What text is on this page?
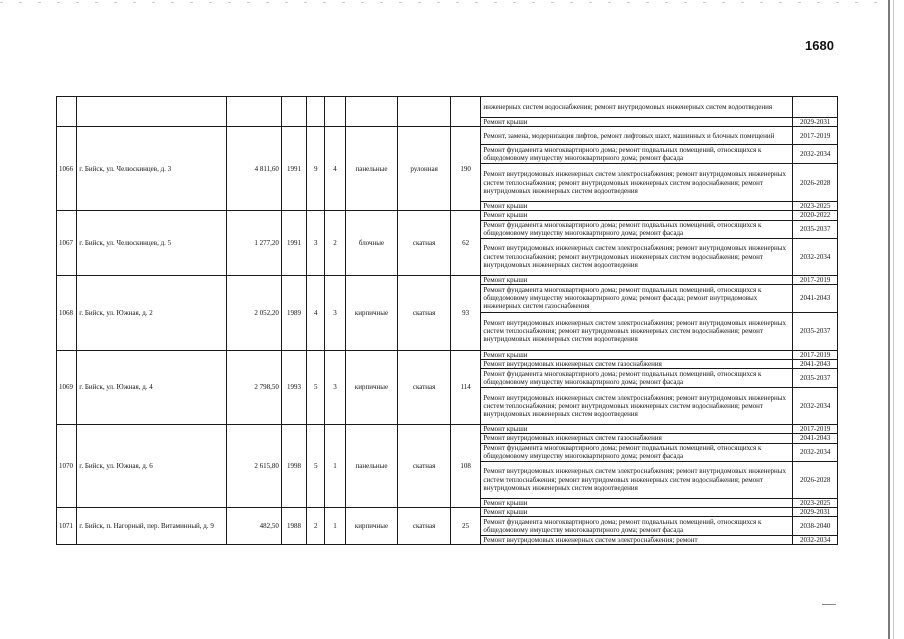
1680
									инженерных систем водоснабжения; ремонт внутридомовых инженерных систем водоотведения	
									Ремонт крыши	2029-2031
1066	г. Бийск, ул. Челюскинцев, д. 3	4 811,60	1991	9	4	панельные	рулонная	190	Ремонт, замена, модернизация лифтов, ремонт лифтовых шахт, машинных и блочных помещений	2017-2019
									Ремонт фундамента многоквартирного дома; ремонт подвальных помещений, относящихся к общедомовому имуществу многоквартирного дома; ремонт фасада	2032-2034
									Ремонт внутридомовых инженерных систем электроснабжения; ремонт внутридомовых инженерных систем теплоснабжения; ремонт внутридомовых инженерных систем водоснабжения; ремонт внутридомовых инженерных систем водоотведения	2026-2028
									Ремонт крыши	2023-2025
1067	г. Бийск, ул. Челюскинцев, д. 5	1 277,20	1991	3	2	блочные	скатная	62	Ремонт крыши	2020-2022
									Ремонт фундамента многоквартирного дома; ремонт подвальных помещений, относящихся к общедомовому имуществу многоквартирного дома; ремонт фасада	2035-2037
									Ремонт внутридомовых инженерных систем электроснабжения; ремонт внутридомовых инженерных систем теплоснабжения; ремонт внутридомовых инженерных систем водоснабжения; ремонт внутридомовых инженерных систем водоотведения	2032-2034
1068	г. Бийск, ул. Южная, д. 2	2 052,20	1989	4	3	кирпичные	скатная	93	Ремонт крыши	2017-2019
									Ремонт фундамента многоквартирного дома; ремонт подвальных помещений, относящихся к общедомовому имуществу многоквартирного дома; ремонт фасада; ремонт внутридомовых инженерных систем газоснабжения	2041-2043
									Ремонт внутридомовых инженерных систем электроснабжения; ремонт внутридомовых инженерных систем теплоснабжения; ремонт внутридомовых инженерных систем водоснабжения; ремонт внутридомовых инженерных систем водоотведения	2035-2037
1069	г. Бийск, ул. Южная, д. 4	2 798,50	1993	5	3	кирпичные	скатная	114	Ремонт крыши	2017-2019
									Ремонт внутридомовых инженерных систем газоснабжения	2041-2043
									Ремонт фундамента многоквартирного дома; ремонт подвальных помещений, относящихся к общедомовому имуществу многоквартирного дома; ремонт фасада	2035-2037
									Ремонт внутридомовых инженерных систем электроснабжения; ремонт внутридомовых инженерных систем теплоснабжения; ремонт внутридомовых инженерных систем водоснабжения; ремонт внутридомовых инженерных систем водоотведения	2032-2034
1070	г. Бийск, ул. Южная, д. 6	2 615,80	1998	5	1	панельные	скатная	108	Ремонт крыши	2017-2019
									Ремонт внутридомовых инженерных систем газоснабжения	2041-2043
									Ремонт фундамента многоквартирного дома; ремонт подвальных помещений, относящихся к общедомовому имуществу многоквартирного дома; ремонт фасада	2032-2034
									Ремонт внутридомовых инженерных систем электроснабжения; ремонт внутридомовых инженерных систем теплоснабжения; ремонт внутридомовых инженерных систем водоснабжения; ремонт внутридомовых инженерных систем водоотведения	2026-2028
									Ремонт крыши	2023-2025
1071	г. Бийск, п. Нагорный, пер. Витаминный, д. 9	482,50	1988	2	1	кирпичные	скатная	25	Ремонт крыши	2029-2031
									Ремонт фундамента многоквартирного дома; ремонт подвальных помещений, относящихся к общедомовому имуществу многоквартирного дома; ремонт фасада	2038-2040
									Ремонт внутридомовых инженерных систем электроснабжения; ремонт	2032-2034
